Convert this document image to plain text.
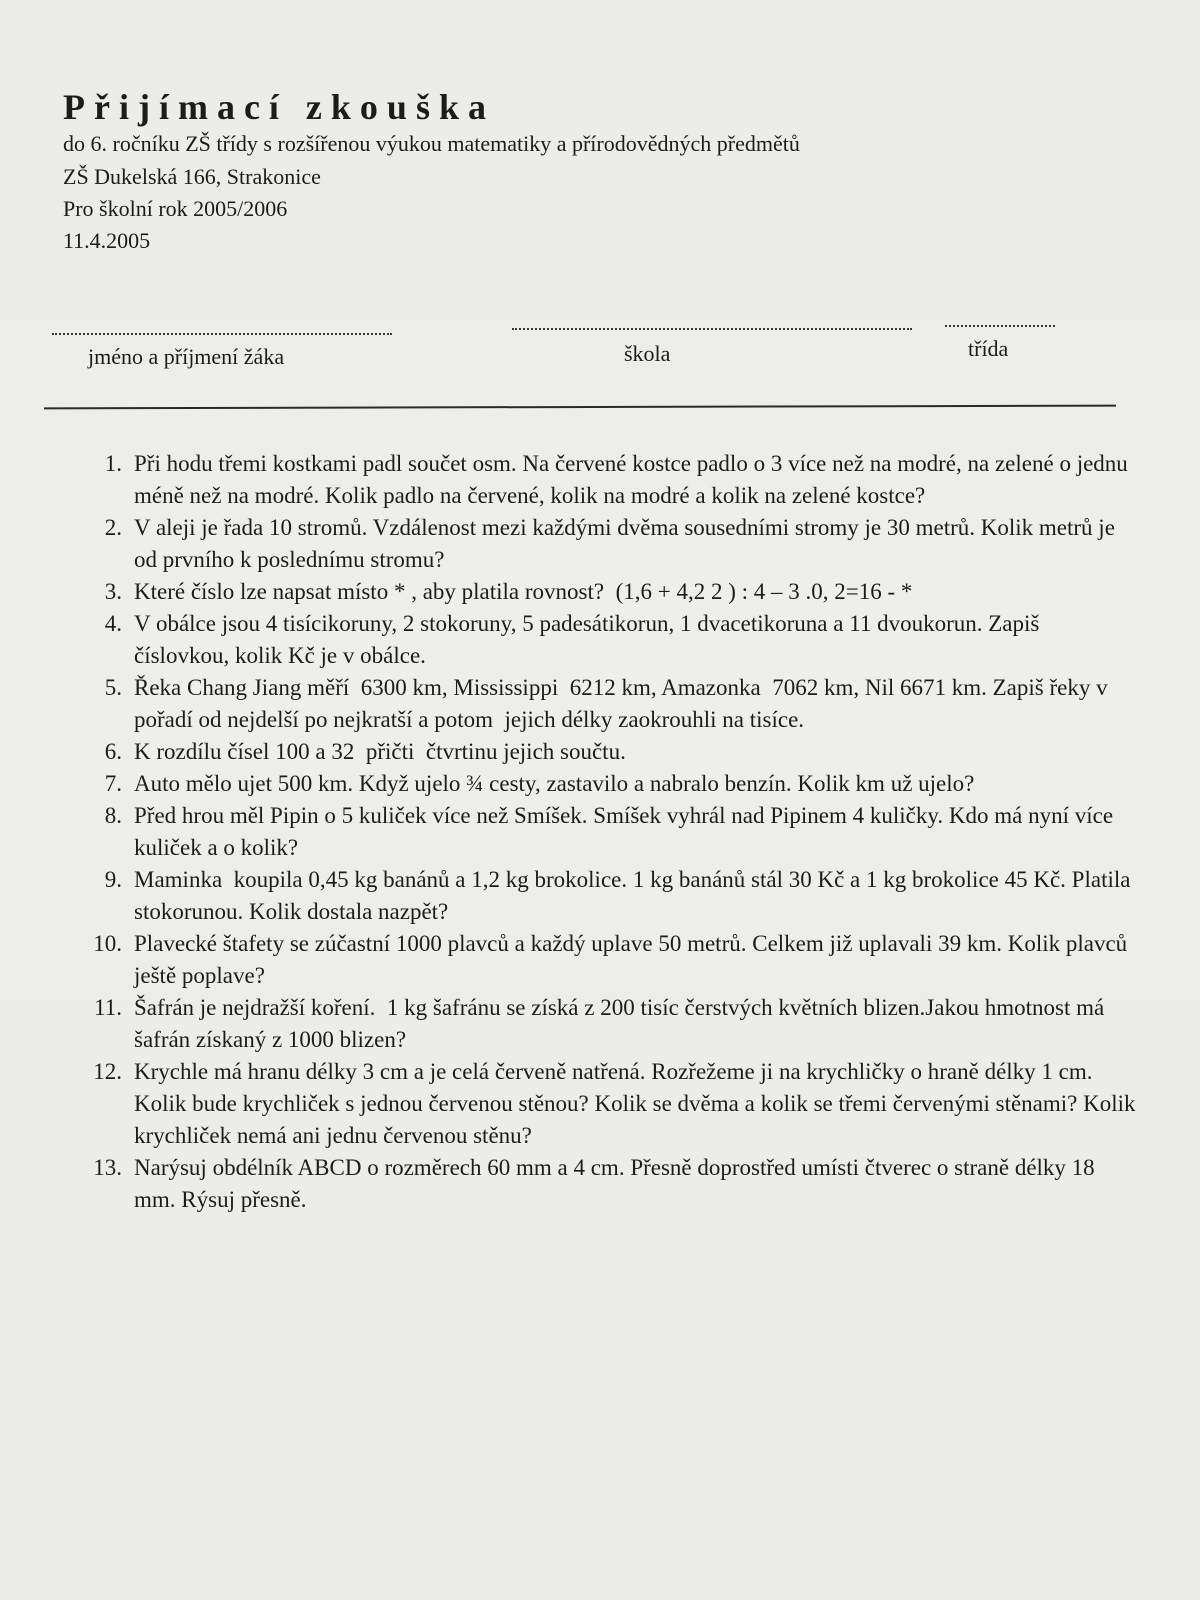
Přijímací zkouška

do 6. ročníku ZŠ třídy s rozšířenou výukou matematiky a přírodovědných předmětů

ZŠ Dukelská 166, Strakonice

Pro školní rok 2005/2006

11.4.2005

jméno a příjmení žáka	škola	třída
1. Při hodu třemi kostkami padl součet osm. Na červené kostce padlo o 3 více než na modré, na zelené o jednu méně než na modré. Kolik padlo na červené, kolik na modré a kolik na zelené kostce?
2. V aleji je řada 10 stromů. Vzdálenost mezi každými dvěma sousedními stromy je 30 metrů. Kolik metrů je od prvního k poslednímu stromu?
3. Které číslo lze napsat místo * , aby platila rovnost?  (1,6 + 4,2 2 ) : 4 – 3 .0, 2=16 - *
4. V obálce jsou 4 tisícikoruny, 2 stokoruny, 5 padesátikorun, 1 dvacetikoruna a 11 dvoukorun. Zapiš číslovkou, kolik Kč je v obálce.
5. Řeka Chang Jiang měří  6300 km, Mississippi  6212 km, Amazonka  7062 km, Nil 6671 km. Zapiš řeky v pořadí od nejdelší po nejkratší a potom  jejich délky zaokrouhli na tisíce.
6. K rozdílu čísel 100 a 32  přičti  čtvrtinu jejich součtu.
7. Auto mělo ujet 500 km. Když ujelo ¾ cesty, zastavilo a nabralo benzín. Kolik km už ujelo?
8. Před hrou měl Pipin o 5 kuliček více než Smíšek. Smíšek vyhrál nad Pipinem 4 kuličky. Kdo má nyní více kuliček a o kolik?
9. Maminka  koupila 0,45 kg banánů a 1,2 kg brokolice. 1 kg banánů stál 30 Kč a 1 kg brokolice 45 Kč. Platila stokorunou. Kolik dostala nazpět?
10. Plavecké štafety se zúčastní 1000 plavců a každý uplave 50 metrů. Celkem již uplavali 39 km. Kolik plavců ještě poplave?
11. Šafrán je nejdražší koření.  1 kg šafránu se získá z 200 tisíc čerstvých květních blizen.Jakou hmotnost má šafrán získaný z 1000 blizen?
12. Krychle má hranu délky 3 cm a je celá červeně natřená. Rozřežeme ji na krychličky o hraně délky 1 cm. Kolik bude krychliček s jednou červenou stěnou? Kolik se dvěma a kolik se třemi červenými stěnami? Kolik krychliček nemá ani jednu červenou stěnu?
13. Narýsuj obdélník ABCD o rozměrech 60 mm a 4 cm. Přesně doprostřed umísti čtverec o straně délky 18 mm. Rýsuj přesně.
